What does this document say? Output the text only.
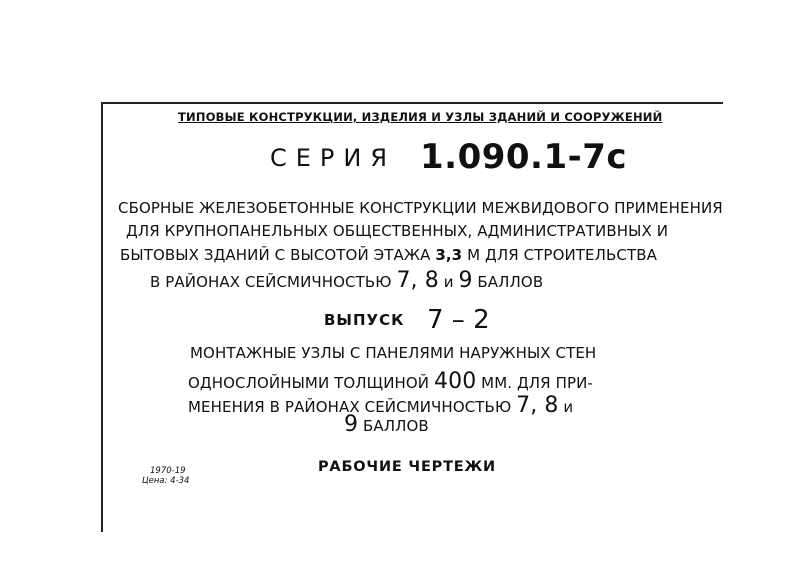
ТИПОВЫЕ КОНСТРУКЦИИ, ИЗДЕЛИЯ И УЗЛЫ ЗДАНИЙ И СООРУЖЕНИЙ
СЕРИЯ 1.090.1-7с
СБОРНЫЕ ЖЕЛЕЗОБЕТОННЫЕ КОНСТРУКЦИИ МЕЖВИДОВОГО ПРИМЕНЕНИЯ
ДЛЯ КРУПНОПАНЕЛЬНЫХ ОБЩЕСТВЕННЫХ, АДМИНИСТРАТИВНЫХ И
БЫТОВЫХ ЗДАНИЙ С ВЫСОТОЙ ЭТАЖА 3,3 М ДЛЯ СТРОИТЕЛЬСТВА
В РАЙОНАХ СЕЙСМИЧНОСТЬЮ 7, 8 и 9 БАЛЛОВ
ВЫПУСК 7 – 2
МОНТАЖНЫЕ УЗЛЫ С ПАНЕЛЯМИ НАРУЖНЫХ СТЕН
ОДНОСЛОЙНЫМИ ТОЛЩИНОЙ 400 ММ. ДЛЯ ПРИ-
МЕНЕНИЯ В РАЙОНАХ СЕЙСМИЧНОСТЬЮ 7, 8 и
9 БАЛЛОВ
РАБОЧИЕ ЧЕРТЕЖИ
1970-19
Цена: 4-34
